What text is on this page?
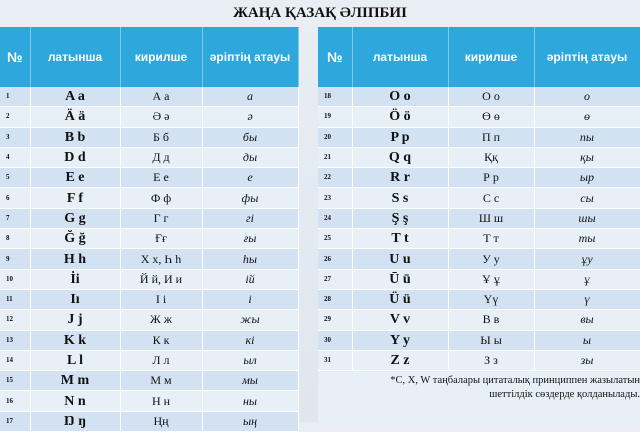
ЖАҢА ҚАЗАҚ ӘЛІПБИІ
№	латынша	кирилше	әріптің атауы
1	A a	А а	а
2	Ä ä	Ә ә	ә
3	B b	Б б	бы
4	D d	Д д	ды
5	E e	Е е	е
6	F f	Ф ф	фы
7	G g	Г г	гі
8	Ğ ğ	Ғғ	ғы
9	H h	Х х, Һ h	һы
10	İi	Й й, И и	ій
11	Iı	І і	і
12	J j	Ж ж	жы
13	K k	К к	кі
14	L l	Л л	ыл
15	M m	М м	мы
16	N n	Н н	ны
17	Ŋ ŋ	Ңң	ың
№	латынша	кирилше	әріптің атауы
18	O o	О о	о
19	Ö ö	Ө ө	ө
20	P p	П п	пы
21	Q q	Ққ	қы
22	R r	Р р	ыр
23	S s	С с	сы
24	Ş ş	Ш ш	шы
25	T t	Т т	ты
26	U u	У у	ұу
27	Ū ū	Ұ ұ	ұ
28	Ü ü	Үү	ү
29	V v	В в	вы
30	Y y	Ы ы	ы
31	Z z	З з	зы
*C, X, W таңбалары цитаталық принциппен жазылатын шеттілдік сөздерде қолданылады.
